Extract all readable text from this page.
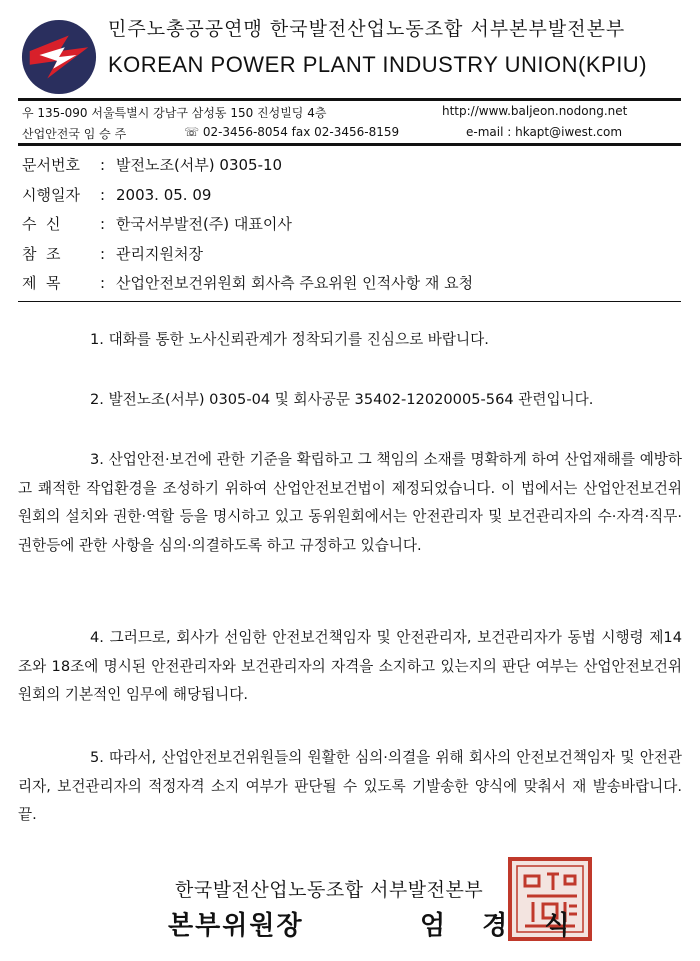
민주노총공공연맹 한국발전산업노동조합 서부본부발전본부
KOREAN POWER PLANT INDUSTRY UNION(KPIU)
우 135-090 서울특별시 강남구 삼성동 150 진성빌딩 4층	http://www.baljeon.nodong.net
산업안전국 임 승 주	☏ 02-3456-8054 fax 02-3456-8159	e-mail : hkapt@iwest.com
문서번호 : 발전노조(서부) 0305-10
시행일자 : 2003. 05. 09
수  신	: 한국서부발전(주) 대표이사
참  조	: 관리지원처장
제  목	: 산업안전보건위원회 회사측 주요위원 인적사항 재 요청
1. 대화를 통한 노사신뢰관계가 정착되기를 진심으로 바랍니다.
2. 발전노조(서부) 0305-04 및 회사공문 35402-12020005-564 관련입니다.
3. 산업안전·보건에 관한 기준을 확립하고 그 책임의 소재를 명확하게 하여 산업재해를 예방하고 쾌적한 작업환경을 조성하기 위하여 산업안전보건법이 제정되었습니다. 이 법에서는 산업안전보건위원회의 설치와 권한·역할 등을 명시하고 있고 동위원회에서는 안전관리자 및 보건관리자의 수·자격·직무·권한등에 관한 사항을 심의·의결하도록 하고 규정하고 있습니다.
4. 그러므로, 회사가 선임한 안전보건책임자 및 안전관리자, 보건관리자가 동법 시행령 제14조와 18조에 명시된 안전관리자와 보건관리자의 자격을 소지하고 있는지의 판단 여부는 산업안전보건위원회의 기본적인 임무에 해당됩니다.
5. 따라서, 산업안전보건위원들의 원활한 심의·의결을 위해 회사의 안전보건책임자 및 안전관리자, 보건관리자의 적정자격 소지 여부가 판단될 수 있도록 기발송한 양식에 맞춰서 재 발송바랍니다. 끝.
한국발전산업노동조합 서부발전본부
본부위원장	엄 경 식
